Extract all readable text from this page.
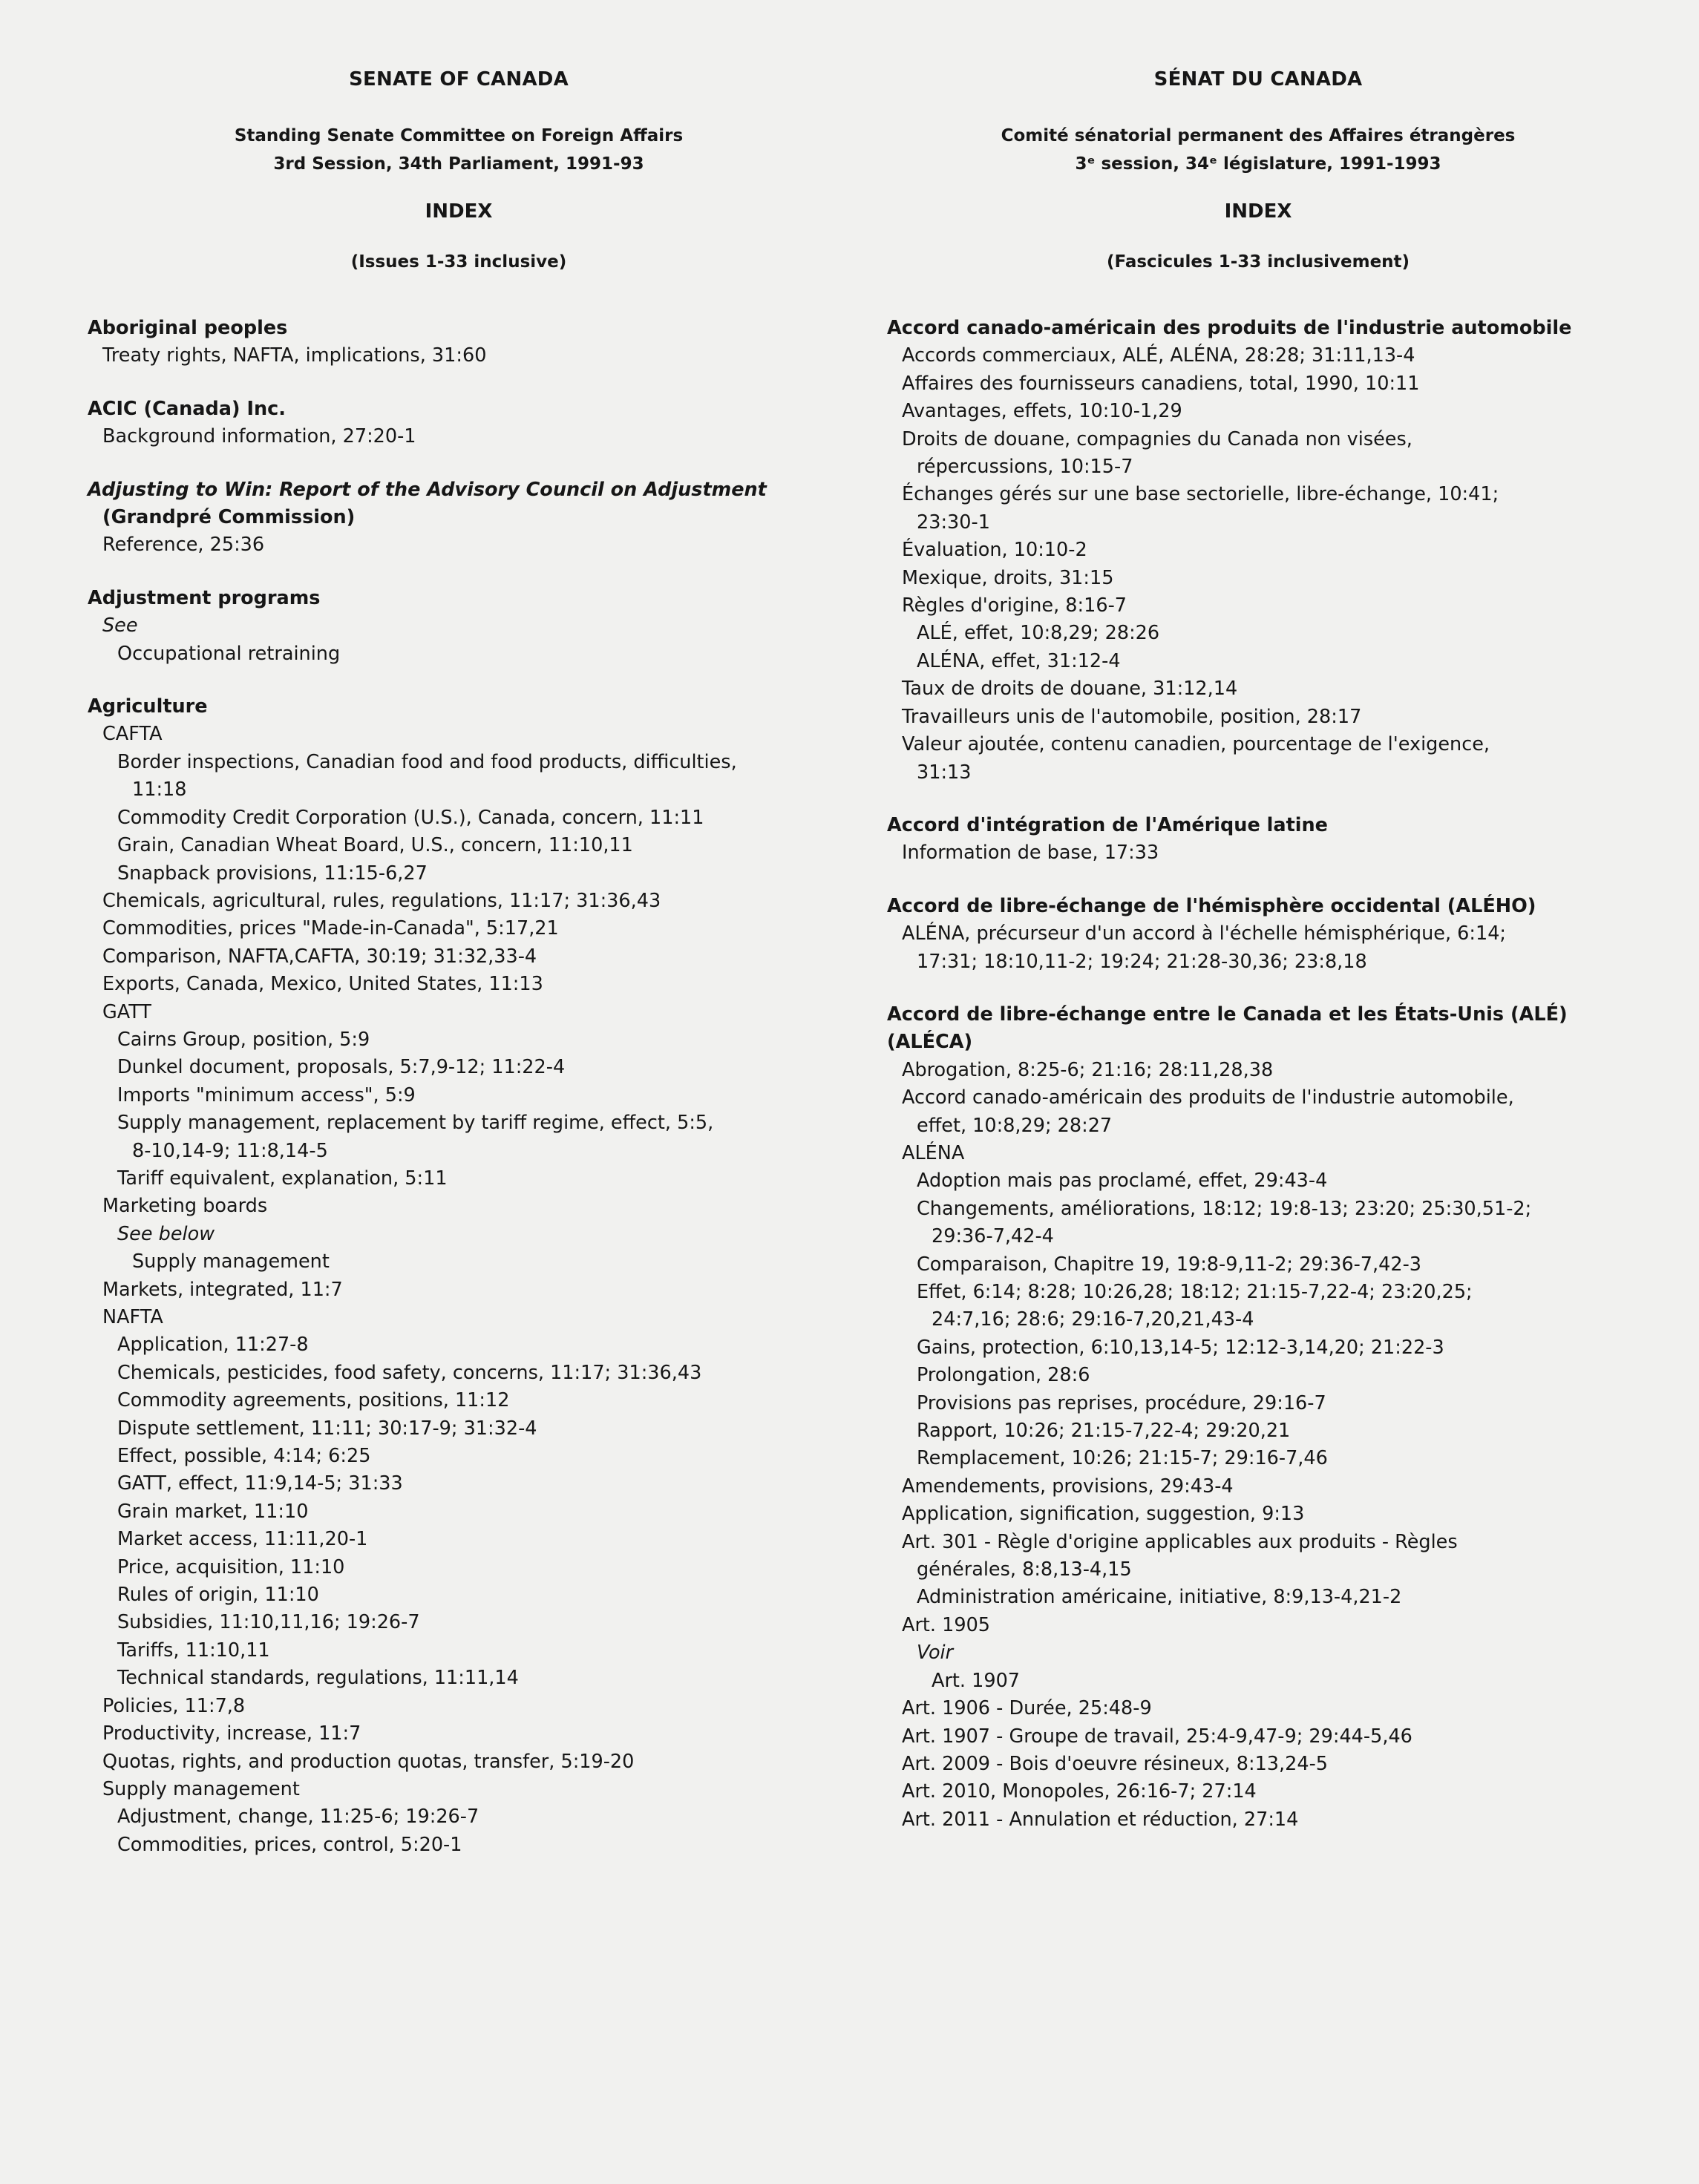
SENATE OF CANADA
Standing Senate Committee on Foreign Affairs
3rd Session, 34th Parliament, 1991-93
INDEX
(Issues 1-33 inclusive)
Aboriginal peoples
Treaty rights, NAFTA, implications, 31:60
ACIC (Canada) Inc.
Background information, 27:20-1
Adjusting to Win: Report of the Advisory Council on Adjustment
(Grandpré Commission)
Reference, 25:36
Adjustment programs
See
Occupational retraining
Agriculture
CAFTA
Border inspections, Canadian food and food products, difficulties,
11:18
Commodity Credit Corporation (U.S.), Canada, concern, 11:11
Grain, Canadian Wheat Board, U.S., concern, 11:10,11
Snapback provisions, 11:15-6,27
Chemicals, agricultural, rules, regulations, 11:17; 31:36,43
Commodities, prices "Made-in-Canada", 5:17,21
Comparison, NAFTA,CAFTA, 30:19; 31:32,33-4
Exports, Canada, Mexico, United States, 11:13
GATT
Cairns Group, position, 5:9
Dunkel document, proposals, 5:7,9-12; 11:22-4
Imports "minimum access", 5:9
Supply management, replacement by tariff regime, effect, 5:5,
8-10,14-9; 11:8,14-5
Tariff equivalent, explanation, 5:11
Marketing boards
See below
Supply management
Markets, integrated, 11:7
NAFTA
Application, 11:27-8
Chemicals, pesticides, food safety, concerns, 11:17; 31:36,43
Commodity agreements, positions, 11:12
Dispute settlement, 11:11; 30:17-9; 31:32-4
Effect, possible, 4:14; 6:25
GATT, effect, 11:9,14-5; 31:33
Grain market, 11:10
Market access, 11:11,20-1
Price, acquisition, 11:10
Rules of origin, 11:10
Subsidies, 11:10,11,16; 19:26-7
Tariffs, 11:10,11
Technical standards, regulations, 11:11,14
Policies, 11:7,8
Productivity, increase, 11:7
Quotas, rights, and production quotas, transfer, 5:19-20
Supply management
Adjustment, change, 11:25-6; 19:26-7
Commodities, prices, control, 5:20-1
SÉNAT DU CANADA
Comité sénatorial permanent des Affaires étrangères
3ᵉ session, 34ᵉ législature, 1991-1993
INDEX
(Fascicules 1-33 inclusivement)
Accord canado-américain des produits de l'industrie automobile
Accords commerciaux, ALÉ, ALÉNA, 28:28; 31:11,13-4
Affaires des fournisseurs canadiens, total, 1990, 10:11
Avantages, effets, 10:10-1,29
Droits de douane, compagnies du Canada non visées,
répercussions, 10:15-7
Échanges gérés sur une base sectorielle, libre-échange, 10:41;
23:30-1
Évaluation, 10:10-2
Mexique, droits, 31:15
Règles d'origine, 8:16-7
ALÉ, effet, 10:8,29; 28:26
ALÉNA, effet, 31:12-4
Taux de droits de douane, 31:12,14
Travailleurs unis de l'automobile, position, 28:17
Valeur ajoutée, contenu canadien, pourcentage de l'exigence,
31:13
Accord d'intégration de l'Amérique latine
Information de base, 17:33
Accord de libre-échange de l'hémisphère occidental (ALÉHO)
ALÉNA, précurseur d'un accord à l'échelle hémisphérique, 6:14;
17:31; 18:10,11-2; 19:24; 21:28-30,36; 23:8,18
Accord de libre-échange entre le Canada et les États-Unis (ALÉ)
(ALÉCA)
Abrogation, 8:25-6; 21:16; 28:11,28,38
Accord canado-américain des produits de l'industrie automobile,
effet, 10:8,29; 28:27
ALÉNA
Adoption mais pas proclamé, effet, 29:43-4
Changements, améliorations, 18:12; 19:8-13; 23:20; 25:30,51-2;
29:36-7,42-4
Comparaison, Chapitre 19, 19:8-9,11-2; 29:36-7,42-3
Effet, 6:14; 8:28; 10:26,28; 18:12; 21:15-7,22-4; 23:20,25;
24:7,16; 28:6; 29:16-7,20,21,43-4
Gains, protection, 6:10,13,14-5; 12:12-3,14,20; 21:22-3
Prolongation, 28:6
Provisions pas reprises, procédure, 29:16-7
Rapport, 10:26; 21:15-7,22-4; 29:20,21
Remplacement, 10:26; 21:15-7; 29:16-7,46
Amendements, provisions, 29:43-4
Application, signification, suggestion, 9:13
Art. 301 - Règle d'origine applicables aux produits - Règles
générales, 8:8,13-4,15
Administration américaine, initiative, 8:9,13-4,21-2
Art. 1905
Voir
Art. 1907
Art. 1906 - Durée, 25:48-9
Art. 1907 - Groupe de travail, 25:4-9,47-9; 29:44-5,46
Art. 2009 - Bois d'oeuvre résineux, 8:13,24-5
Art. 2010, Monopoles, 26:16-7; 27:14
Art. 2011 - Annulation et réduction, 27:14
